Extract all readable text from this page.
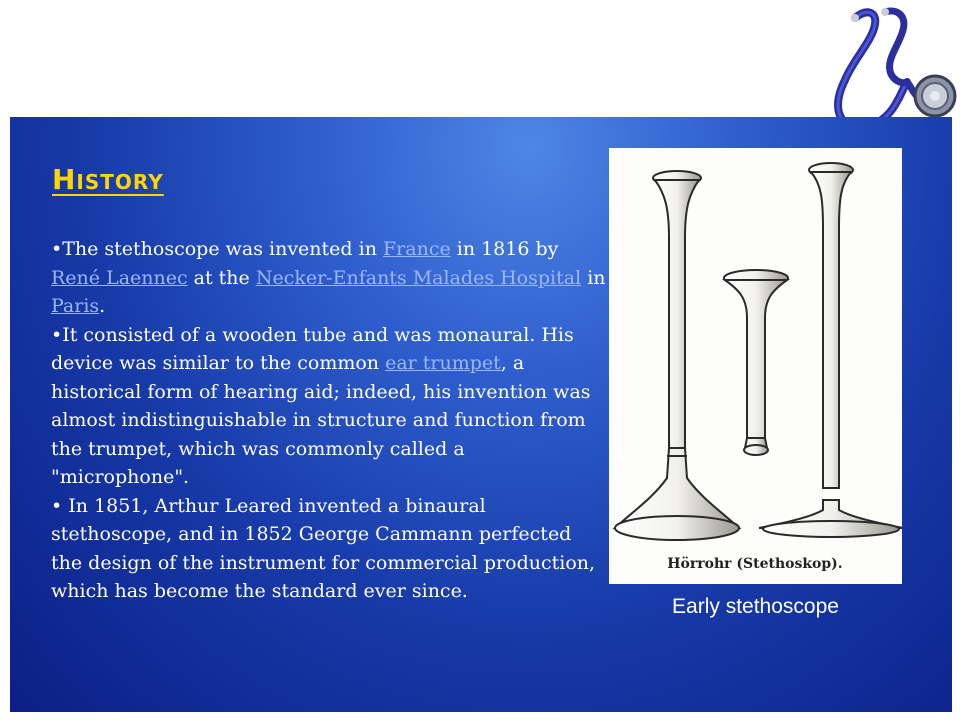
History

•The stethoscope was invented in France in 1816 by René Laennec at the Necker-Enfants Malades Hospital in Paris.

•It consisted of a wooden tube and was monaural. His device was similar to the common ear trumpet, a historical form of hearing aid; indeed, his invention was almost indistinguishable in structure and function from the trumpet, which was commonly called a "microphone".

• In 1851, Arthur Leared invented a binaural stethoscope, and in 1852 George Cammann perfected the design of the instrument for commercial production, which has become the standard ever since.

Hörrohr (Stethoskop).
Early stethoscope
